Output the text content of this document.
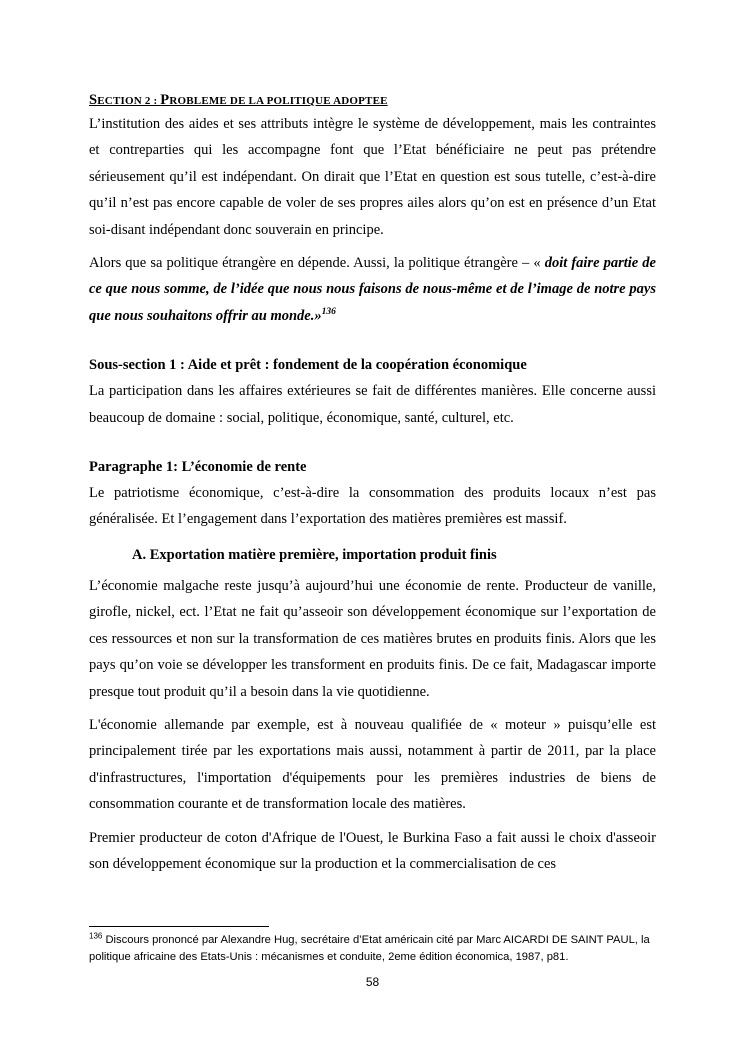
SECTION 2 : PROBLEME DE LA POLITIQUE ADOPTEE

L’institution des aides et ses attributs intègre le système de développement, mais les contraintes et contreparties qui les accompagne font que l’Etat bénéficiaire ne peut pas prétendre sérieusement qu’il est indépendant. On dirait que l’Etat en question est sous tutelle, c’est-à-dire qu’il n’est pas encore capable de voler de ses propres ailes alors qu’on est en présence d’un Etat soi-disant indépendant donc souverain en principe.

Alors que sa politique étrangère en dépende. Aussi, la politique étrangère – « doit faire partie de ce que nous somme, de l’idée que nous nous faisons de nous-même et de l’image de notre pays que nous souhaitons offrir au monde.»$^{136}$

Sous-section 1 : Aide et prêt : fondement de la coopération économique

La participation dans les affaires extérieures se fait de différentes manières. Elle concerne aussi beaucoup de domaine : social, politique, économique, santé, culturel, etc.

Paragraphe 1: L’économie de rente

Le patriotisme économique, c’est-à-dire la consommation des produits locaux n’est pas généralisée. Et l’engagement dans l’exportation des matières premières est massif.

A. Exportation matière première, importation produit finis

L’économie malgache reste jusqu’à aujourd’hui une économie de rente. Producteur de vanille, girofle, nickel, ect. l’Etat ne fait qu’asseoir son développement économique sur l’exportation de ces ressources et non sur la transformation de ces matières brutes en produits finis. Alors que les pays qu’on voie se développer les transforment en produits finis. De ce fait, Madagascar importe presque tout produit qu’il a besoin dans la vie quotidienne.

L'économie allemande par exemple, est à nouveau qualifiée de « moteur » puisqu’elle est principalement tirée par les exportations mais aussi, notamment à partir de 2011, par la place d'infrastructures, l'importation d'équipements pour les premières industries de biens de consommation courante et de transformation locale des matières.

Premier producteur de coton d'Afrique de l'Ouest, le Burkina Faso a fait aussi le choix d'asseoir son développement économique sur la production et la commercialisation de ces

$^{136}$ Discours prononcé par Alexandre Hug, secrétaire d’Etat américain cité par Marc AICARDI DE SAINT PAUL, la politique africaine des Etats-Unis : mécanismes et conduite, 2eme édition économica, 1987, p81.
58
